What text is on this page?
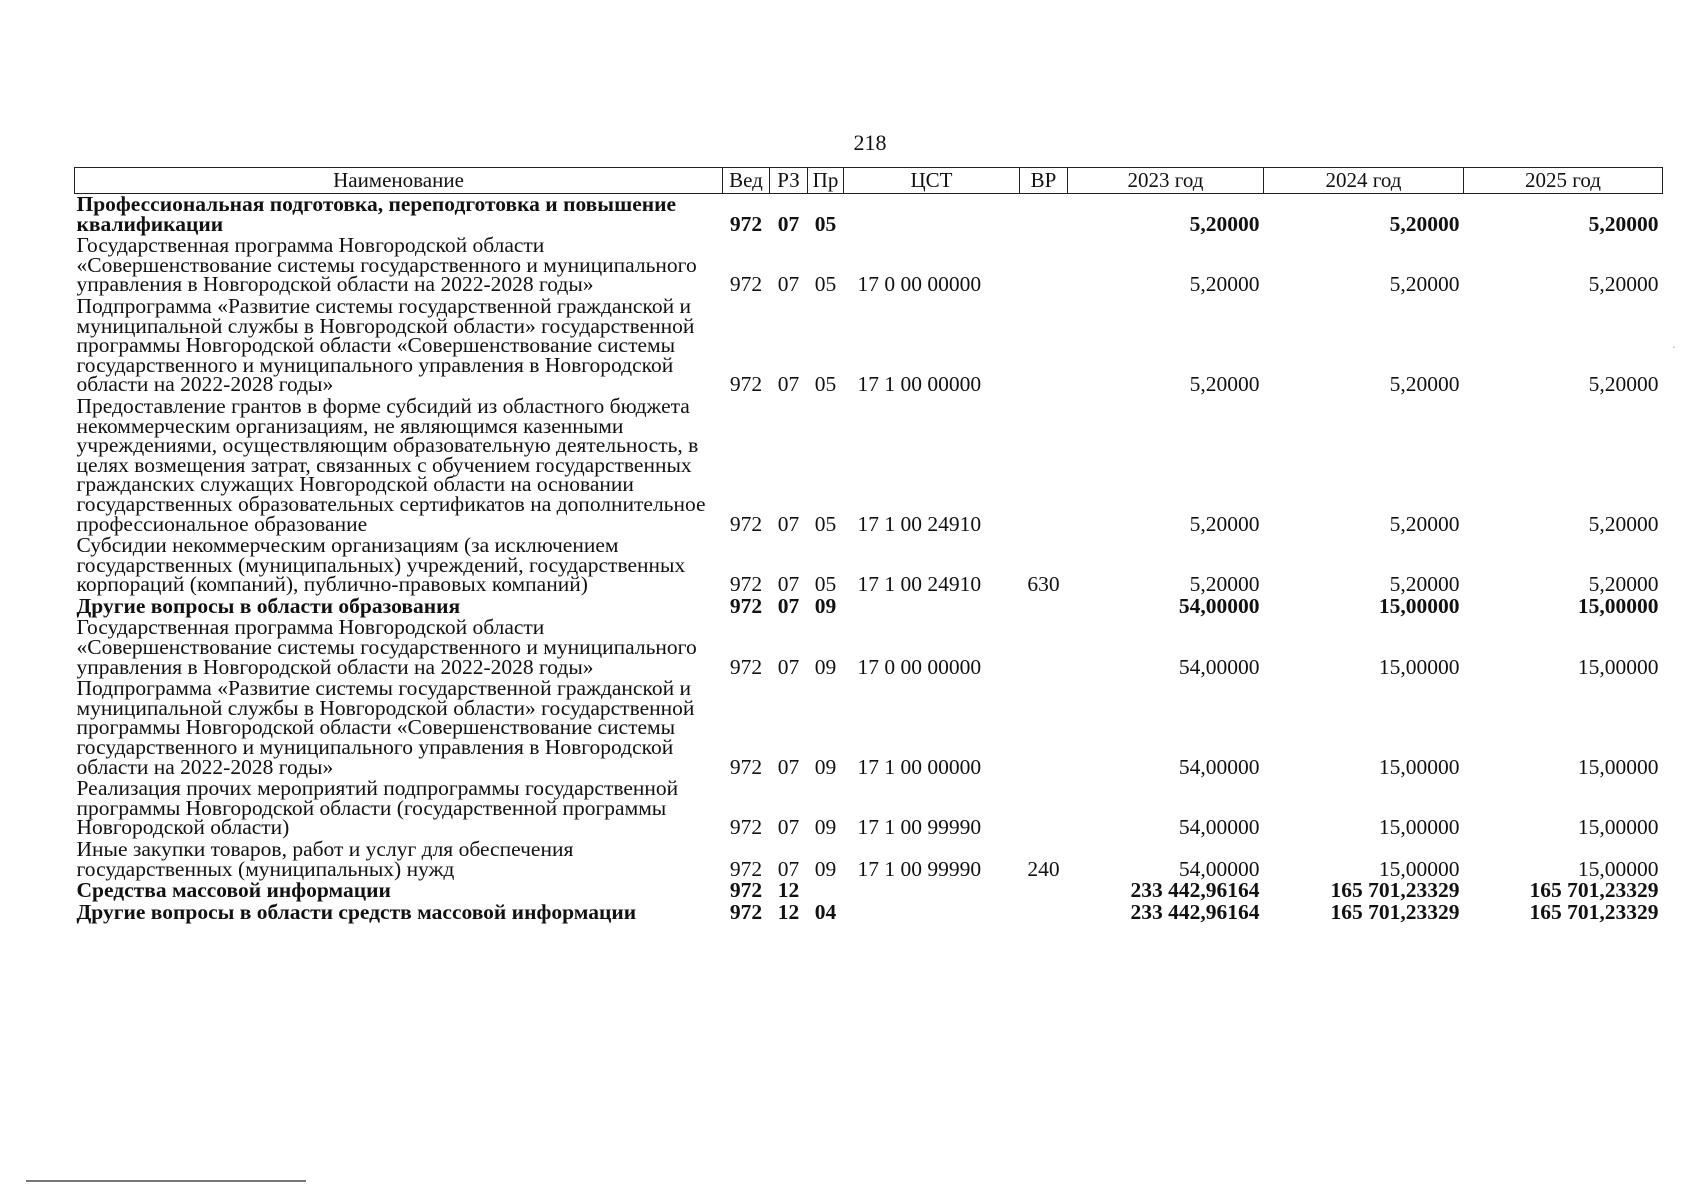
218
Наименование	Вед	РЗ	Пр	ЦСТ	ВР	2023 год	2024 год	2025 год
Профессиональная подготовка, переподготовка и повышение квалификации	972	07	05			5,20000	5,20000	5,20000
Государственная программа Новгородской области «Совершенствование системы государственного и муниципального управления в Новгородской области на 2022-2028 годы»	972	07	05	17 0 00 00000		5,20000	5,20000	5,20000
Подпрограмма «Развитие системы государственной гражданской и муниципальной службы в Новгородской области» государственной программы Новгородской области «Совершенствование системы государственного и муниципального управления в Новгородской области на 2022-2028 годы»	972	07	05	17 1 00 00000		5,20000	5,20000	5,20000
Предоставление грантов в форме субсидий из областного бюджета некоммерческим организациям, не являющимся казенными учреждениями, осуществляющим образовательную деятельность, в целях возмещения затрат, связанных с обучением государственных гражданских служащих Новгородской области на основании государственных образовательных сертификатов на дополнительное профессиональное образование	972	07	05	17 1 00 24910		5,20000	5,20000	5,20000
Субсидии некоммерческим организациям (за исключением государственных (муниципальных) учреждений, государственных корпораций (компаний), публично-правовых компаний)	972	07	05	17 1 00 24910	630	5,20000	5,20000	5,20000
Другие вопросы в области образования	972	07	09			54,00000	15,00000	15,00000
Государственная программа Новгородской области «Совершенствование системы государственного и муниципального управления в Новгородской области на 2022-2028 годы»	972	07	09	17 0 00 00000		54,00000	15,00000	15,00000
Подпрограмма «Развитие системы государственной гражданской и муниципальной службы в Новгородской области» государственной программы Новгородской области «Совершенствование системы государственного и муниципального управления в Новгородской области на 2022-2028 годы»	972	07	09	17 1 00 00000		54,00000	15,00000	15,00000
Реализация прочих мероприятий подпрограммы государственной программы Новгородской области (государственной программы Новгородской области)	972	07	09	17 1 00 99990		54,00000	15,00000	15,00000
Иные закупки товаров, работ и услуг для обеспечения государственных (муниципальных) нужд	972	07	09	17 1 00 99990	240	54,00000	15,00000	15,00000
Средства массовой информации	972	12				233 442,96164	165 701,23329	165 701,23329
Другие вопросы в области средств массовой информации	972	12	04			233 442,96164	165 701,23329	165 701,23329
·
